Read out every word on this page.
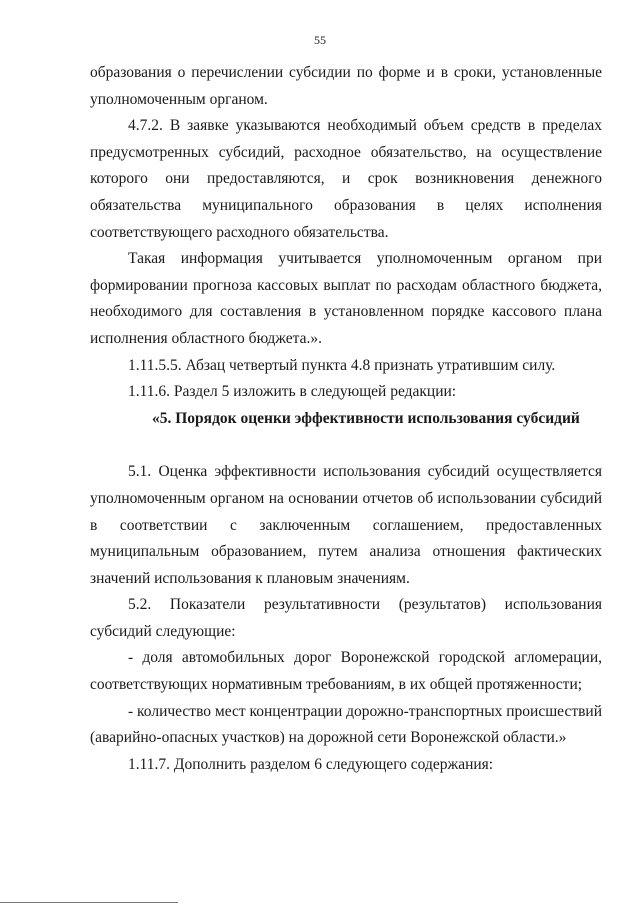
55

образования о перечислении субсидии по форме и в сроки, установленные уполномоченным органом.

4.7.2. В заявке указываются необходимый объем средств в пределах предусмотренных субсидий, расходное обязательство, на осуществление которого они предоставляются, и срок возникновения денежного обязательства муниципального образования в целях исполнения соответствующего расходного обязательства.

Такая информация учитывается уполномоченным органом при формировании прогноза кассовых выплат по расходам областного бюджета, необходимого для составления в установленном порядке кассового плана исполнения областного бюджета.».

1.11.5.5. Абзац четвертый пункта 4.8 признать утратившим силу.

1.11.6. Раздел 5 изложить в следующей редакции:

«5. Порядок оценки эффективности использования субсидий

5.1. Оценка эффективности использования субсидий осуществляется уполномоченным органом на основании отчетов об использовании субсидий в соответствии с заключенным соглашением, предоставленных муниципальным образованием, путем анализа отношения фактических значений использования к плановым значениям.

5.2. Показатели результативности (результатов) использования субсидий следующие:

- доля автомобильных дорог Воронежской городской агломерации, соответствующих нормативным требованиям, в их общей протяженности;

- количество мест концентрации дорожно-транспортных происшествий (аварийно-опасных участков) на дорожной сети Воронежской области.»

1.11.7. Дополнить разделом 6 следующего содержания:
